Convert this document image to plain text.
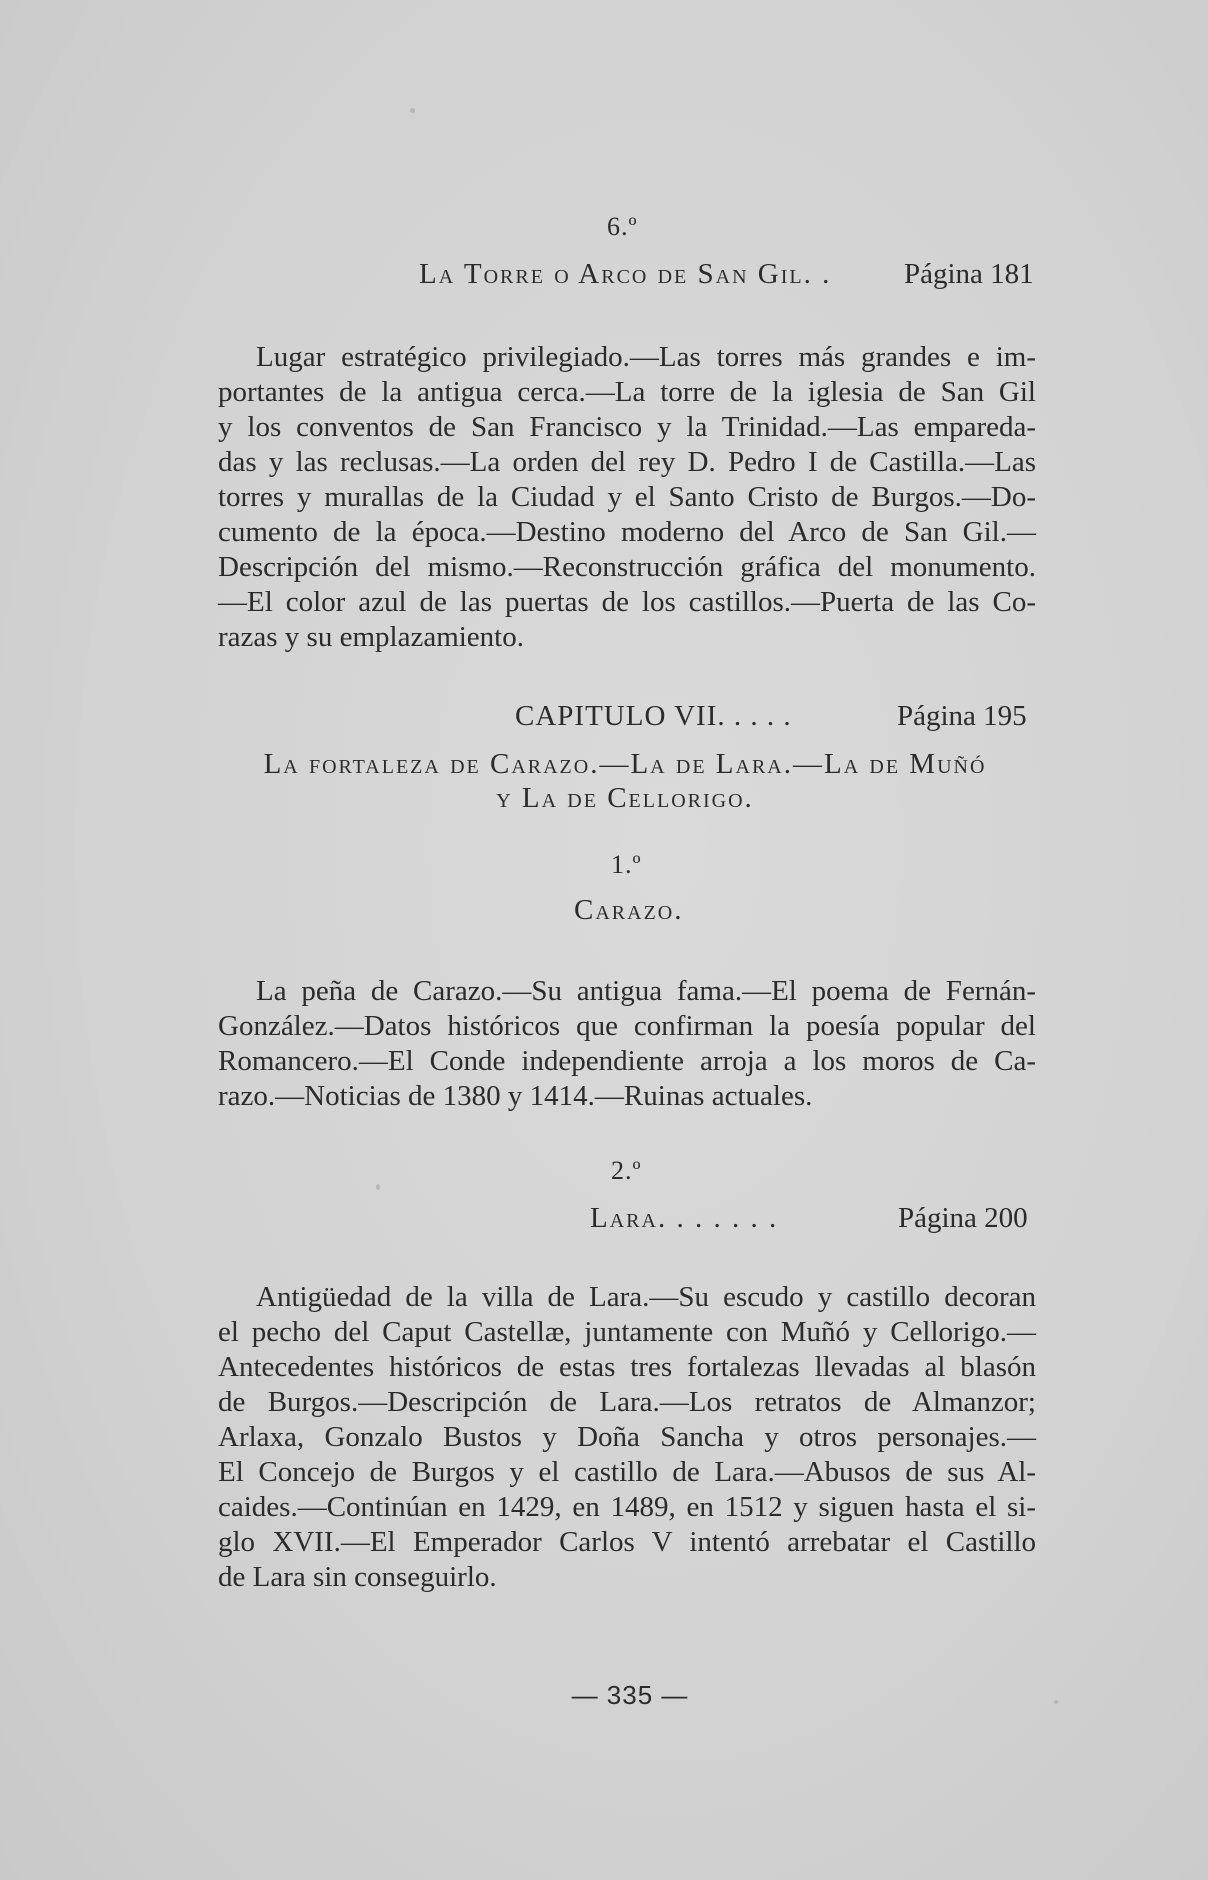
6.º
La Torre o Arco de San Gil. .	Página 181
Lugar estratégico privilegiado.—Las torres más grandes e im-
portantes de la antigua cerca.—La torre de la iglesia de San Gil
y los conventos de San Francisco y la Trinidad.—Las empareda-
das y las reclusas.—La orden del rey D. Pedro I de Castilla.—Las
torres y murallas de la Ciudad y el Santo Cristo de Burgos.—Do-
cumento de la época.—Destino moderno del Arco de San Gil.—
Descripción del mismo.—Reconstrucción gráfica del monumento.
—El color azul de las puertas de los castillos.—Puerta de las Co-
razas y su emplazamiento.
CAPITULO VII. . . . .	Página 195
La fortaleza de Carazo.—La de Lara.—La de Muñó
y La de Cellorigo.
1.º
Carazo.
La peña de Carazo.—Su antigua fama.—El poema de Fernán-
González.—Datos históricos que confirman la poesía popular del
Romancero.—El Conde independiente arroja a los moros de Ca-
razo.—Noticias de 1380 y 1414.—Ruinas actuales.
2.º
Lara. . . . . . .	Página 200
Antigüedad de la villa de Lara.—Su escudo y castillo decoran
el pecho del Caput Castellæ, juntamente con Muñó y Cellorigo.—
Antecedentes históricos de estas tres fortalezas llevadas al blasón
de Burgos.—Descripción de Lara.—Los retratos de Almanzor;
Arlaxa, Gonzalo Bustos y Doña Sancha y otros personajes.—
El Concejo de Burgos y el castillo de Lara.—Abusos de sus Al-
caides.—Continúan en 1429, en 1489, en 1512 y siguen hasta el si-
glo XVII.—El Emperador Carlos V intentó arrebatar el Castillo
de Lara sin conseguirlo.
— 335 —
